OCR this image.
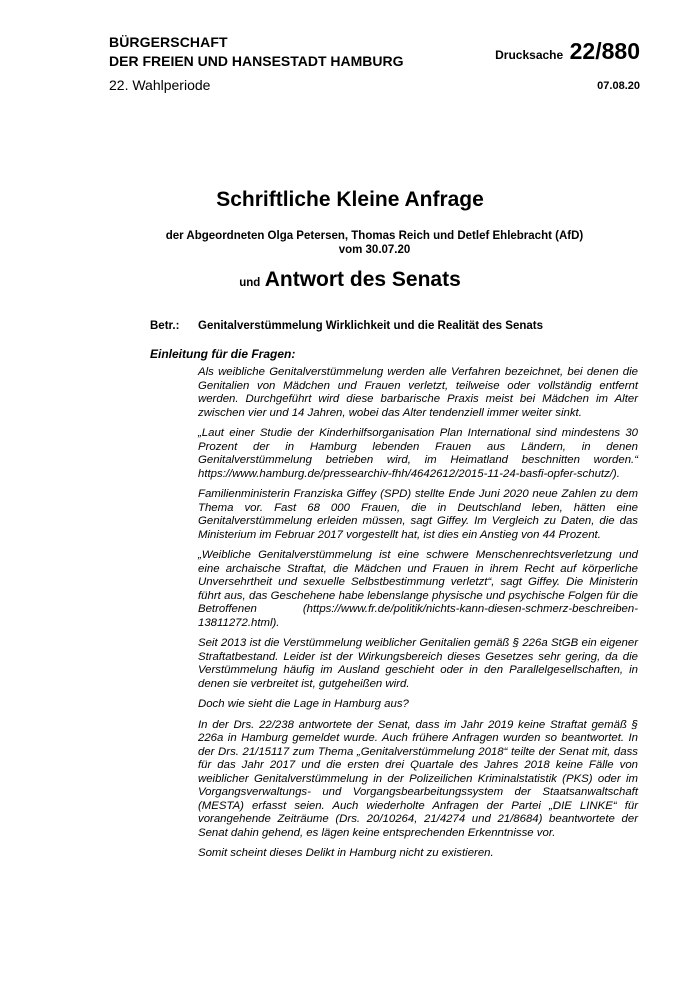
BÜRGERSCHAFT
DER FREIEN UND HANSESTADT HAMBURG
22. Wahlperiode
Drucksache 22/880
07.08.20
Schriftliche Kleine Anfrage
der Abgeordneten Olga Petersen, Thomas Reich und Detlef Ehlebracht (AfD)
vom 30.07.20
und Antwort des Senats
Betr.: Genitalverstümmelung Wirklichkeit und die Realität des Senats
Einleitung für die Fragen:

Als weibliche Genitalverstümmelung werden alle Verfahren bezeichnet, bei denen die Genitalien von Mädchen und Frauen verletzt, teilweise oder vollständig entfernt werden. Durchgeführt wird diese barbarische Praxis meist bei Mädchen im Alter zwischen vier und 14 Jahren, wobei das Alter tendenziell immer weiter sinkt.

„Laut einer Studie der Kinderhilfsorganisation Plan International sind mindestens 30 Prozent der in Hamburg lebenden Frauen aus Ländern, in denen Genitalverstümmelung betrieben wird, im Heimatland beschnitten worden.“ https://www.hamburg.de/pressearchiv-fhh/4642612/2015-11-24-basfi-opfer-schutz/).

Familienministerin Franziska Giffey (SPD) stellte Ende Juni 2020 neue Zahlen zu dem Thema vor. Fast 68 000 Frauen, die in Deutschland leben, hätten eine Genitalverstümmelung erleiden müssen, sagt Giffey. Im Vergleich zu Daten, die das Ministerium im Februar 2017 vorgestellt hat, ist dies ein Anstieg von 44 Prozent.

„Weibliche Genitalverstümmelung ist eine schwere Menschenrechtsverletzung und eine archaische Straftat, die Mädchen und Frauen in ihrem Recht auf körperliche Unversehrtheit und sexuelle Selbstbestimmung verletzt“, sagt Giffey. Die Ministerin führt aus, das Geschehene habe lebenslange physische und psychische Folgen für die Betroffenen (https://www.fr.de/politik/nichts-kann-diesen-schmerz-beschreiben-13811272.html).

Seit 2013 ist die Verstümmelung weiblicher Genitalien gemäß § 226a StGB ein eigener Straftatbestand. Leider ist der Wirkungsbereich dieses Gesetzes sehr gering, da die Verstümmelung häufig im Ausland geschieht oder in den Parallelgesellschaften, in denen sie verbreitet ist, gutgeheißen wird.

Doch wie sieht die Lage in Hamburg aus?

In der Drs. 22/238 antwortete der Senat, dass im Jahr 2019 keine Straftat gemäß § 226a in Hamburg gemeldet wurde. Auch frühere Anfragen wurden so beantwortet. In der Drs. 21/15117 zum Thema „Genitalverstümmelung 2018“ teilte der Senat mit, dass für das Jahr 2017 und die ersten drei Quartale des Jahres 2018 keine Fälle von weiblicher Genitalverstümmelung in der Polizeilichen Kriminalstatistik (PKS) oder im Vorgangsverwaltungs- und Vorgangsbearbeitungssystem der Staatsanwaltschaft (MESTA) erfasst seien. Auch wiederholte Anfragen der Partei „DIE LINKE“ für vorangehende Zeiträume (Drs. 20/10264, 21/4274 und 21/8684) beantwortete der Senat dahin gehend, es lägen keine entsprechenden Erkenntnisse vor.

Somit scheint dieses Delikt in Hamburg nicht zu existieren.
